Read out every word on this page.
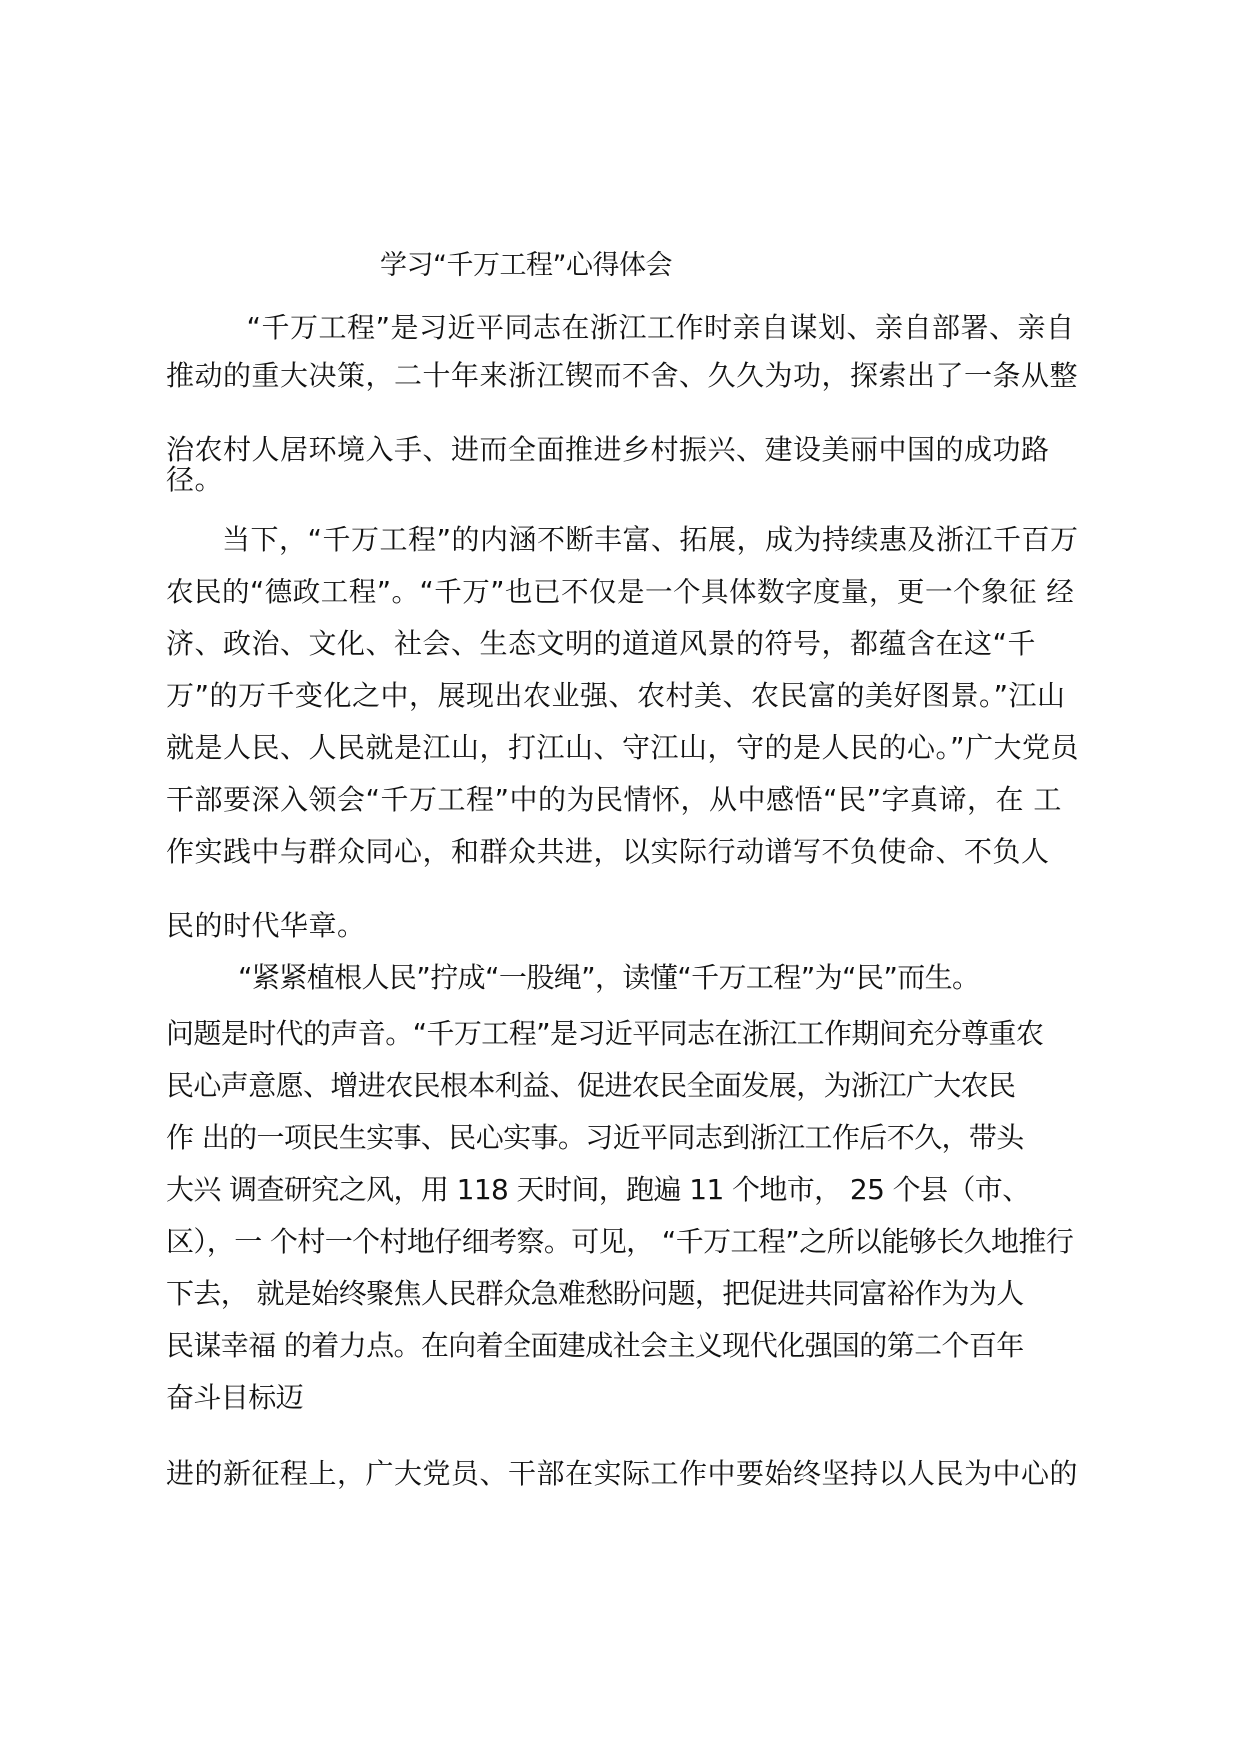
学习“千万工程”心得体会
　“千万工程”是习近平同志在浙江工作时亲自谋划、亲自部署、亲自
推动的重大决策，二十年来浙江锲而不舍、久久为功，探索出了一条从整
治农村人居环境入手、进而全面推进乡村振兴、建设美丽中国的成功路
径。
当下，“千万工程”的内涵不断丰富、拓展，成为持续惠及浙江千百万
农民的“德政工程”。“千万”也已不仅是一个具体数字度量，更一个象征 经
济、政治、文化、社会、生态文明的道道风景的符号，都蕴含在这“千
万”的万千变化之中，展现出农业强、农村美、农民富的美好图景。”江山
就是人民、人民就是江山，打江山、守江山，守的是人民的心。”广大党员
干部要深入领会“千万工程”中的为民情怀，从中感悟“民”字真谛，在 工
作实践中与群众同心，和群众共进，以实际行动谱写不负使命、不负人
民的时代华章。
“紧紧植根人民”拧成“一股绳”，读懂“千万工程”为“民”而生。
问题是时代的声音。“千万工程”是习近平同志在浙江工作期间充分尊重农
民心声意愿、增进农民根本利益、促进农民全面发展，为浙江广大农民
作 出的一项民生实事、民心实事。习近平同志到浙江工作后不久，带头
大兴 调查研究之风，用 118 天时间，跑遍 11 个地市， 25 个县（市、
区），一 个村一个村地仔细考察。可见， “千万工程”之所以能够长久地推行
下去， 就是始终聚焦人民群众急难愁盼问题，把促进共同富裕作为为人
民谋幸福 的着力点。在向着全面建成社会主义现代化强国的第二个百年
奋斗目标迈
进的新征程上，广大党员、干部在实际工作中要始终坚持以人民为中心的
